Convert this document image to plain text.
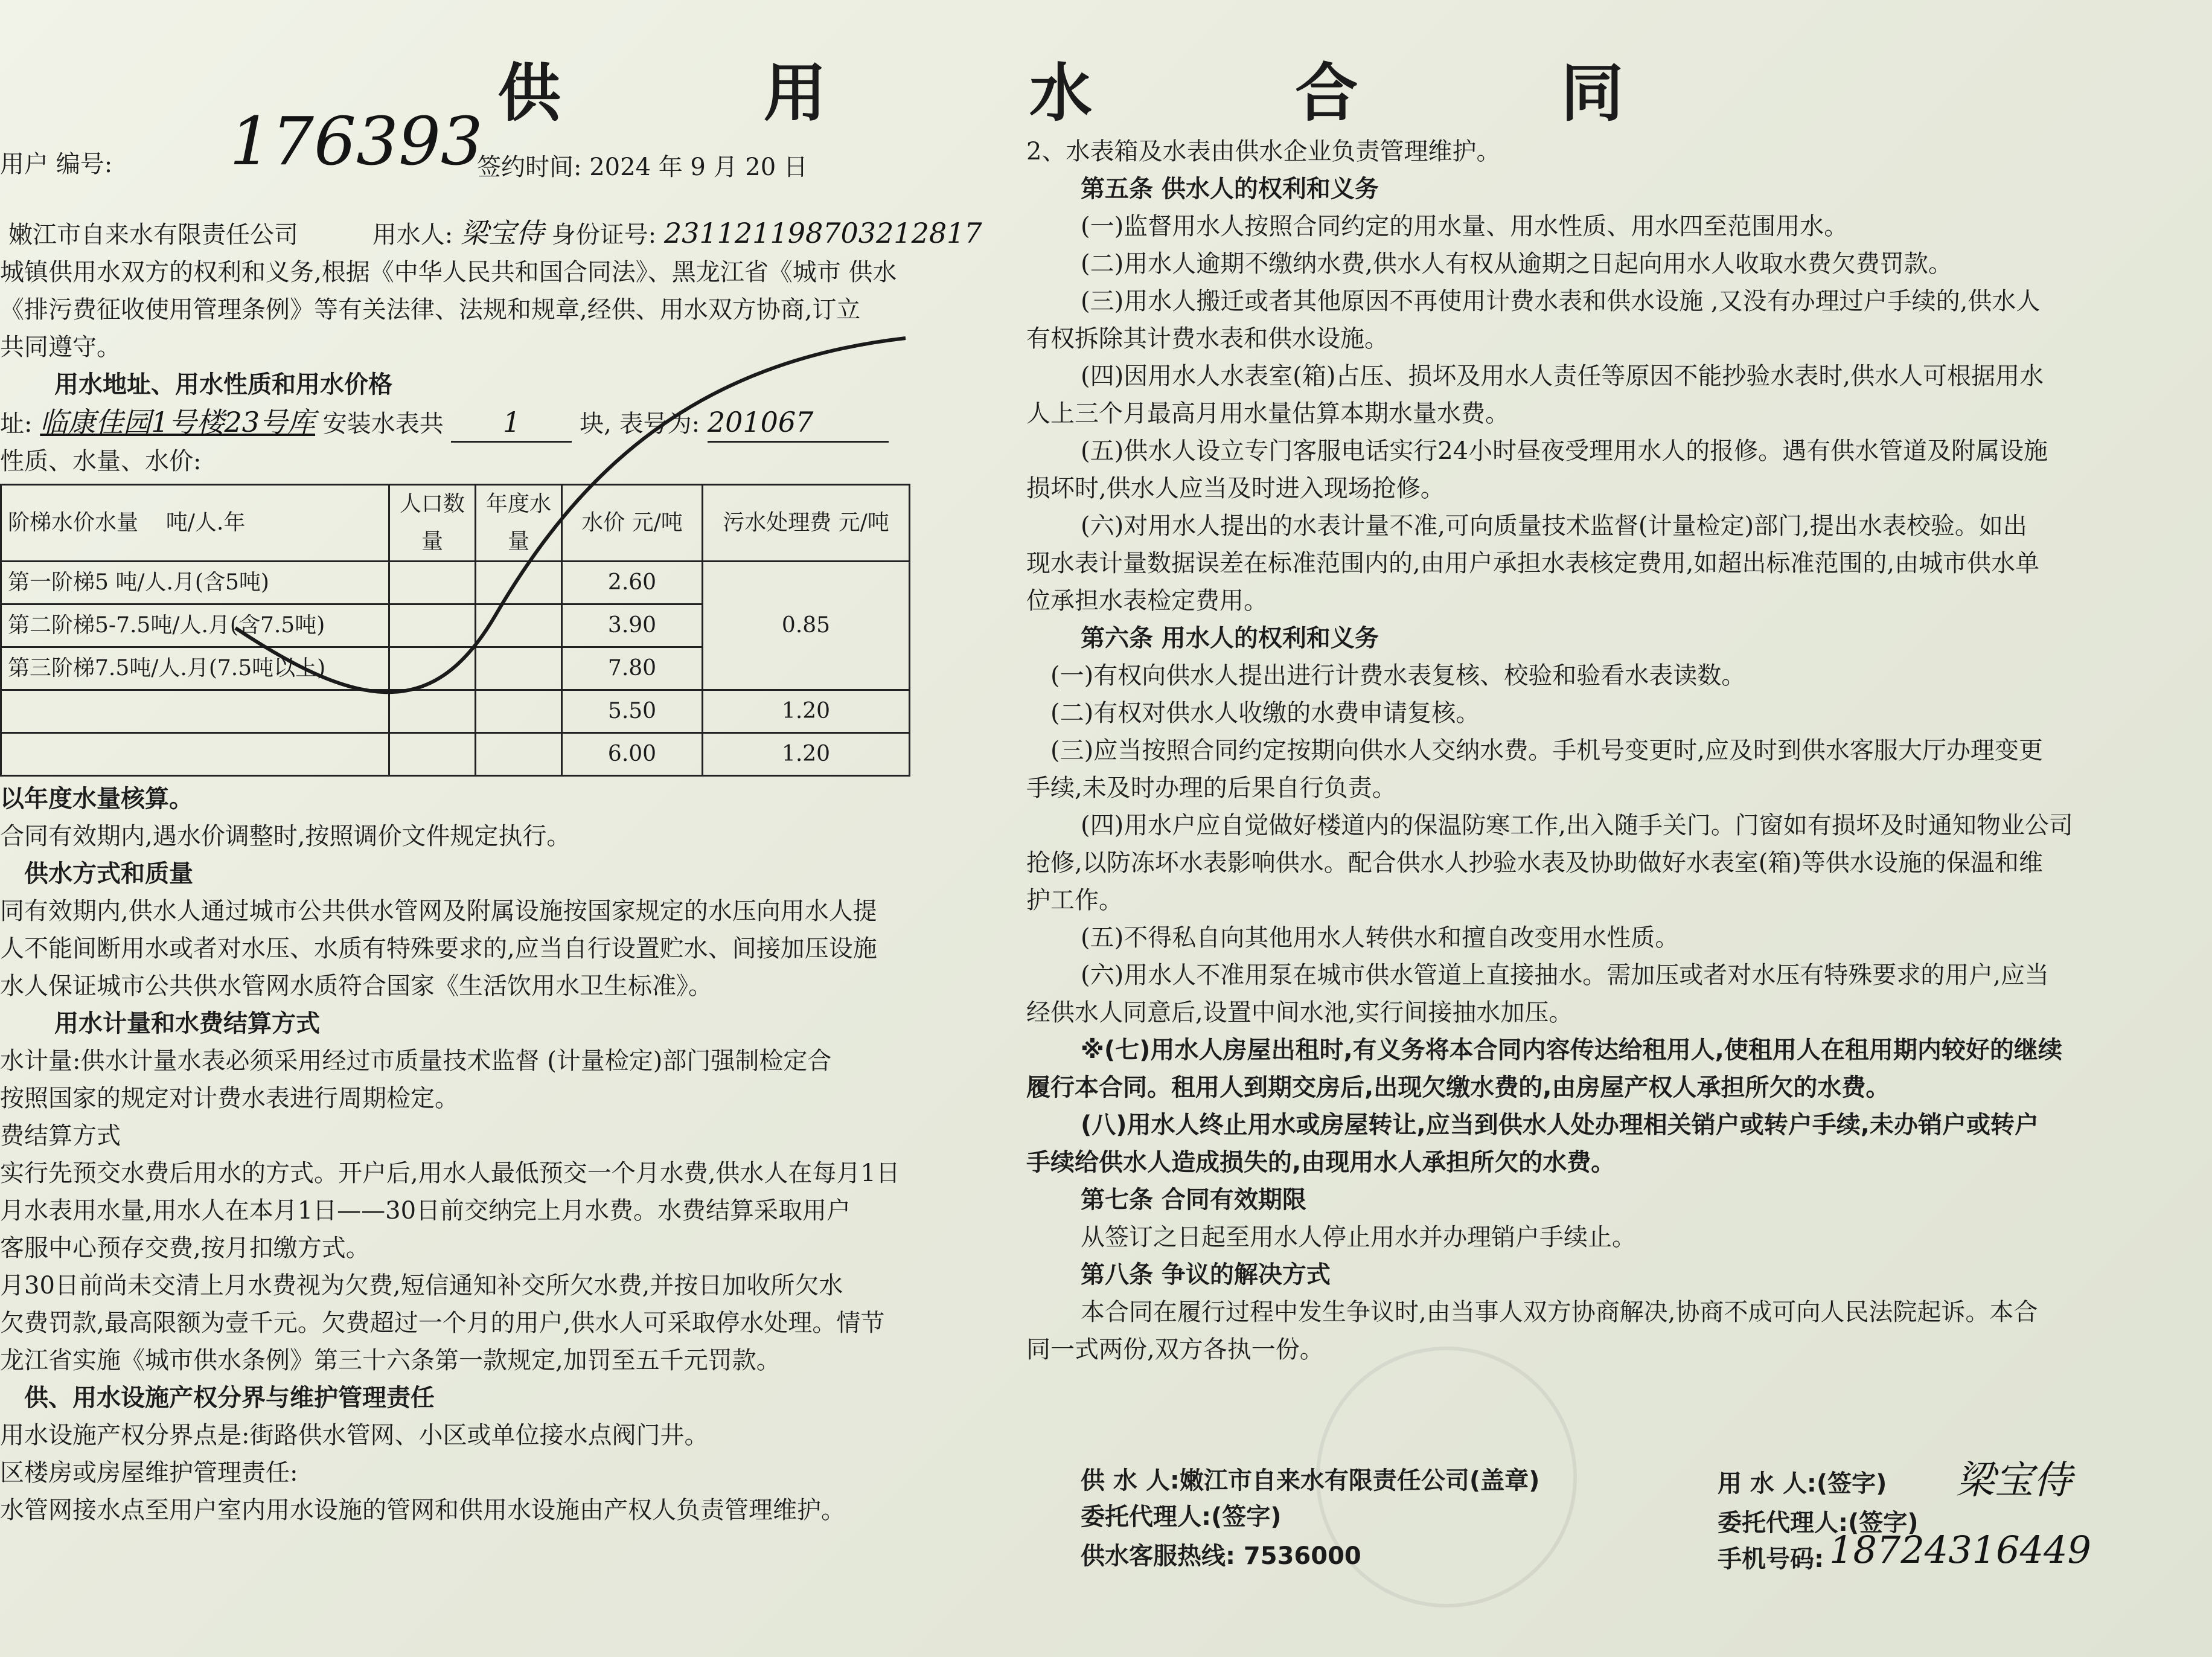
供 用 水 合 同
用户 编号: 176393
签约时间: 2024 年 9 月 20 日
嫩江市自来水有限责任公司	用水人: 梁宝侍 身份证号: 231121198703212817
城镇供用水双方的权利和义务,根据《中华人民共和国合同法》、黑龙江省《城市 供水
《排污费征收使用管理条例》等有关法律、法规和规章,经供、用水双方协商,订立
共同遵守。
用水地址、用水性质和用水价格
址: 临康佳园1号楼23号库 安装水表共 1 块, 表号为: 201067
性质、水量、水价:
阶梯水价水量 吨/人.年	人口数量	年度水量	水价 元/吨	污水处理费 元/吨
第一阶梯5 吨/人.月(含5吨)			2.60	0.85
第二阶梯5-7.5吨/人.月(含7.5吨)			3.90	
第三阶梯7.5吨/人.月(7.5吨以上)			7.80	
			5.50	1.20
			6.00	1.20
以年度水量核算。
合同有效期内,遇水价调整时,按照调价文件规定执行。
供水方式和质量
同有效期内,供水人通过城市公共供水管网及附属设施按国家规定的水压向用水人提
人不能间断用水或者对水压、水质有特殊要求的,应当自行设置贮水、间接加压设施
水人保证城市公共供水管网水质符合国家《生活饮用水卫生标准》。
用水计量和水费结算方式
水计量:供水计量水表必须采用经过市质量技术监督 (计量检定)部门强制检定合
按照国家的规定对计费水表进行周期检定。
费结算方式
实行先预交水费后用水的方式。开户后,用水人最低预交一个月水费,供水人在每月1日
月水表用水量,用水人在本月1日——30日前交纳完上月水费。水费结算采取用户
客服中心预存交费,按月扣缴方式。
月30日前尚未交清上月水费视为欠费,短信通知补交所欠水费,并按日加收所欠水
欠费罚款,最高限额为壹千元。欠费超过一个月的用户,供水人可采取停水处理。情节
龙江省实施《城市供水条例》第三十六条第一款规定,加罚至五千元罚款。
供、用水设施产权分界与维护管理责任
用水设施产权分界点是:街路供水管网、小区或单位接水点阀门井。
区楼房或房屋维护管理责任:
水管网接水点至用户室内用水设施的管网和供用水设施由产权人负责管理维护。
2、水表箱及水表由供水企业负责管理维护。
第五条 供水人的权利和义务
(一)监督用水人按照合同约定的用水量、用水性质、用水四至范围用水。
(二)用水人逾期不缴纳水费,供水人有权从逾期之日起向用水人收取水费欠费罚款。
(三)用水人搬迁或者其他原因不再使用计费水表和供水设施 ,又没有办理过户手续的,供水人
有权拆除其计费水表和供水设施。
(四)因用水人水表室(箱)占压、损坏及用水人责任等原因不能抄验水表时,供水人可根据用水
人上三个月最高月用水量估算本期水量水费。
(五)供水人设立专门客服电话实行24小时昼夜受理用水人的报修。遇有供水管道及附属设施
损坏时,供水人应当及时进入现场抢修。
(六)对用水人提出的水表计量不准,可向质量技术监督(计量检定)部门,提出水表校验。如出
现水表计量数据误差在标准范围内的,由用户承担水表核定费用,如超出标准范围的,由城市供水单
位承担水表检定费用。
第六条 用水人的权利和义务
(一)有权向供水人提出进行计费水表复核、校验和验看水表读数。
(二)有权对供水人收缴的水费申请复核。
(三)应当按照合同约定按期向供水人交纳水费。手机号变更时,应及时到供水客服大厅办理变更
手续,未及时办理的后果自行负责。
(四)用水户应自觉做好楼道内的保温防寒工作,出入随手关门。门窗如有损坏及时通知物业公司
抢修,以防冻坏水表影响供水。配合供水人抄验水表及协助做好水表室(箱)等供水设施的保温和维
护工作。
(五)不得私自向其他用水人转供水和擅自改变用水性质。
(六)用水人不准用泵在城市供水管道上直接抽水。需加压或者对水压有特殊要求的用户,应当
经供水人同意后,设置中间水池,实行间接抽水加压。
※(七)用水人房屋出租时,有义务将本合同内容传达给租用人,使租用人在租用期内较好的继续
履行本合同。租用人到期交房后,出现欠缴水费的,由房屋产权人承担所欠的水费。
(八)用水人终止用水或房屋转让,应当到供水人处办理相关销户或转户手续,未办销户或转户
手续给供水人造成损失的,由现用水人承担所欠的水费。
第七条 合同有效期限
从签订之日起至用水人停止用水并办理销户手续止。
第八条 争议的解决方式
本合同在履行过程中发生争议时,由当事人双方协商解决,协商不成可向人民法院起诉。本合
同一式两份,双方各执一份。
供 水 人:嫩江市自来水有限责任公司(盖章)
委托代理人:(签字)
供水客服热线: 7536000
用 水 人:(签字) 梁宝侍
委托代理人:(签字)
手机号码: 18724316449
